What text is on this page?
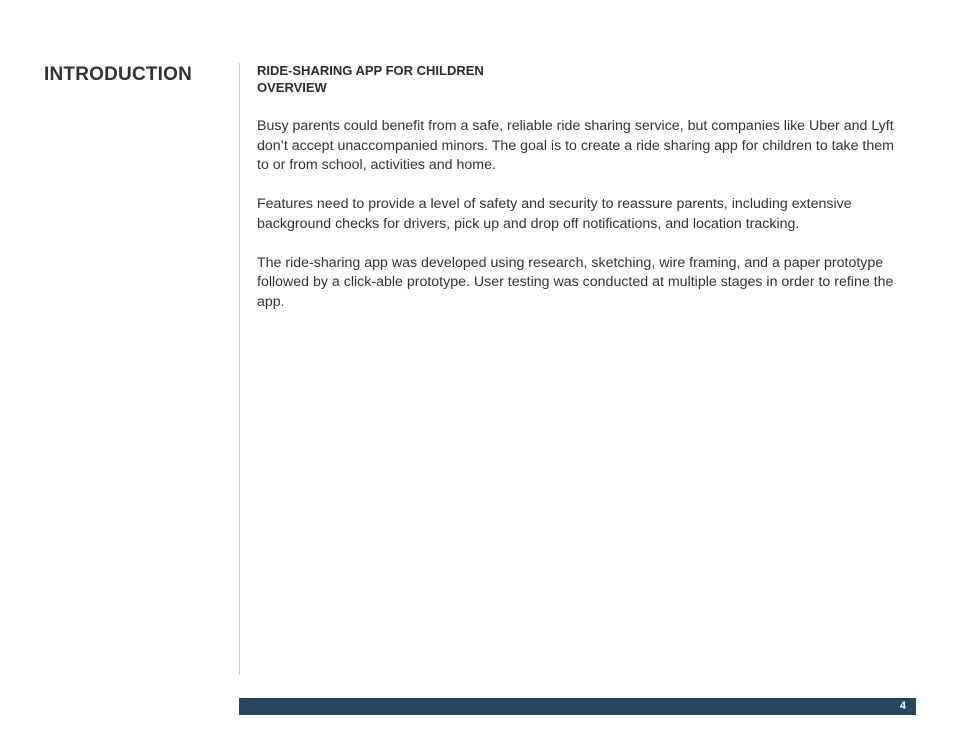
INTRODUCTION	RIDE-SHARING APP FOR CHILDREN

OVERVIEW

Busy parents could benefit from a safe, reliable ride sharing service, but companies like Uber and Lyft don’t accept unaccompanied minors. The goal is to create a ride sharing app for children to take them to or from school, activities and home.

Features need to provide a level of safety and security to reassure parents, including extensive background checks for drivers, pick up and drop off notifications, and location tracking.

The ride-sharing app was developed using research, sketching, wire framing, and a paper prototype followed by a click-able prototype. User testing was conducted at multiple stages in order to refine the app.

4
